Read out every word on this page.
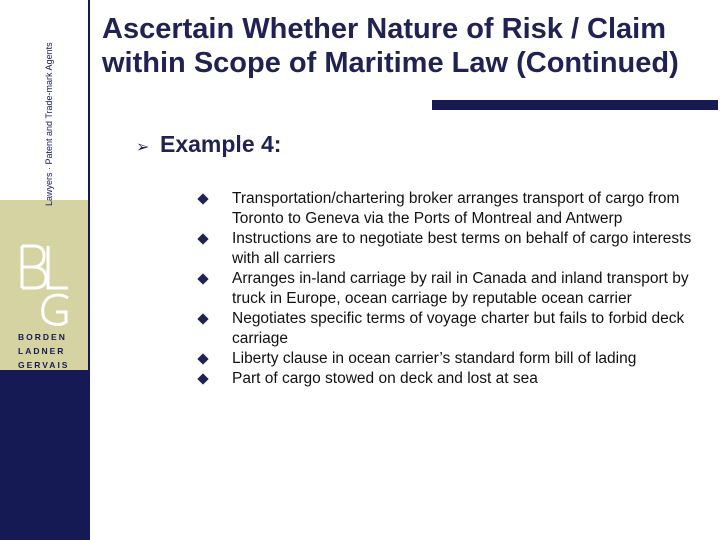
Lawyers · Patent and Trade-mark Agents
BORDEN
LADNER
GERVAIS
Ascertain Whether Nature of Risk / Claim within Scope of Maritime Law (Continued)
➢ Example 4:
Transportation/chartering broker arranges transport of cargo from Toronto to Geneva via the Ports of Montreal and Antwerp
Instructions are to negotiate best terms on behalf of cargo interests with all carriers
Arranges in-land carriage by rail in Canada and inland transport by truck in Europe, ocean carriage by reputable ocean carrier
Negotiates specific terms of voyage charter but fails to forbid deck carriage
Liberty clause in ocean carrier’s standard form bill of lading
Part of cargo stowed on deck and lost at sea
